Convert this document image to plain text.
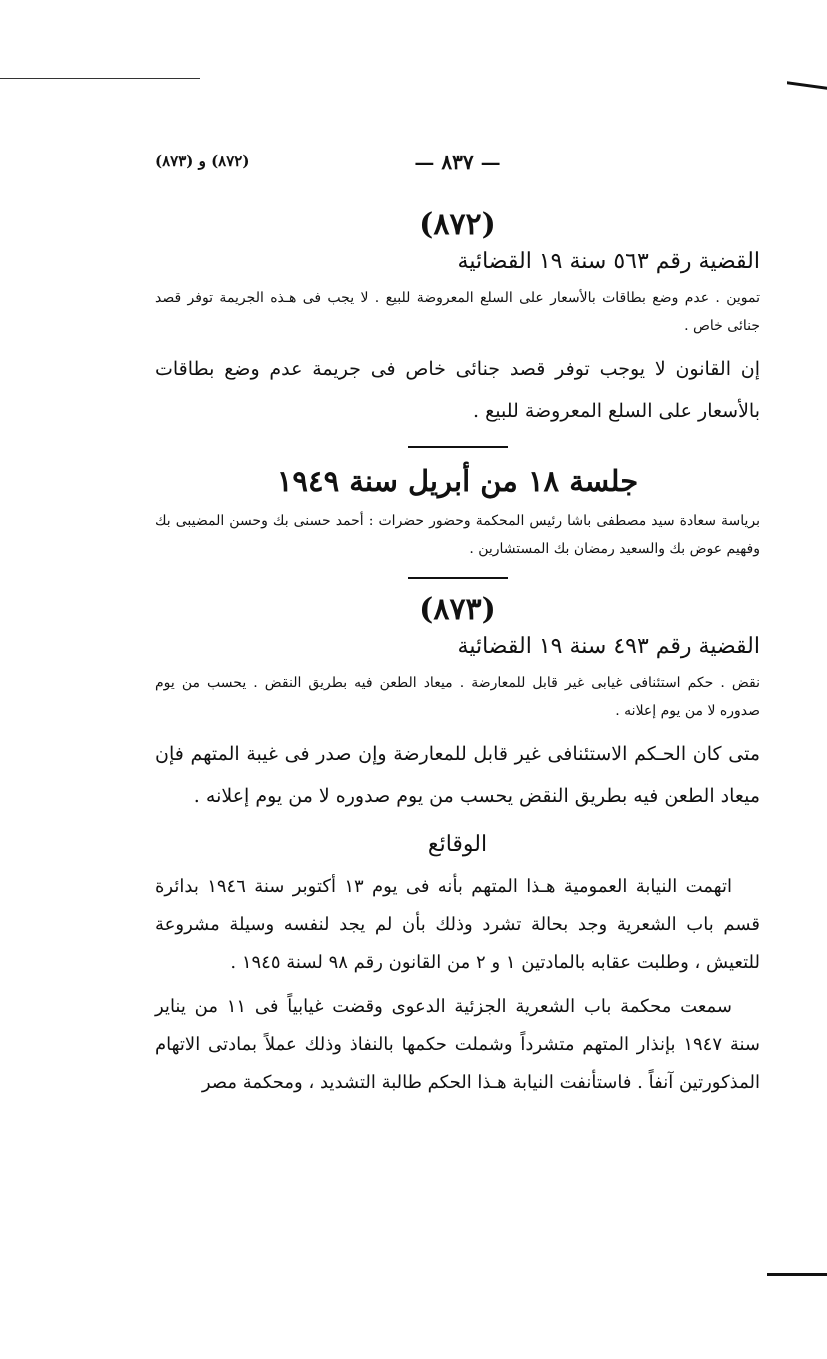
— ٨٣٧ —
(٨٧٢) و (٨٧٣)
(٨٧٢)
القضية رقم ٥٦٣ سنة ١٩ القضائية
تموين . عدم وضع بطاقات بالأسعار على السلع المعروضة للبيع . لا يجب فى هـذه الجريمة توفر قصد جنائى خاص .
إن القانون لا يوجب توفر قصد جنائى خاص فى جريمة عدم وضع بطاقات بالأسعار على السلع المعروضة للبيع .
جلسة ١٨ من أبريل سنة ١٩٤٩
برياسة سعادة سيد مصطفى باشا رئيس المحكمة وحضور حضرات : أحمد حسنى بك وحسن المضيبى بك وفهيم عوض بك والسعيد رمضان بك المستشارين .
(٨٧٣)
القضية رقم ٤٩٣ سنة ١٩ القضائية
نقض . حكم استئنافى غيابى غير قابل للمعارضة . ميعاد الطعن فيه بطريق النقض . يحسب من يوم صدوره لا من يوم إعلانه .
متى كان الحـكم الاستئنافى غير قابل للمعارضة وإن صدر فى غيبة المتهم فإن ميعاد الطعن فيه بطريق النقض يحسب من يوم صدوره لا من يوم إعلانه .
الوقائع

اتهمت النيابة العمومية هـذا المتهم بأنه فى يوم ١٣ أكتوبر سنة ١٩٤٦ بدائرة قسم باب الشعرية وجد بحالة تشرد وذلك بأن لم يجد لنفسه وسيلة مشروعة للتعيش ، وطلبت عقابه بالمادتين ١ و ٢ من القانون رقم ٩٨ لسنة ١٩٤٥ .

سمعت محكمة باب الشعرية الجزئية الدعوى وقضت غيابياً فى ١١ من يناير سنة ١٩٤٧ بإنذار المتهم متشرداً وشملت حكمها بالنفاذ وذلك عملاً بمادتى الاتهام المذكورتين آنفاً . فاستأنفت النيابة هـذا الحكم طالبة التشديد ، ومحكمة مصر
